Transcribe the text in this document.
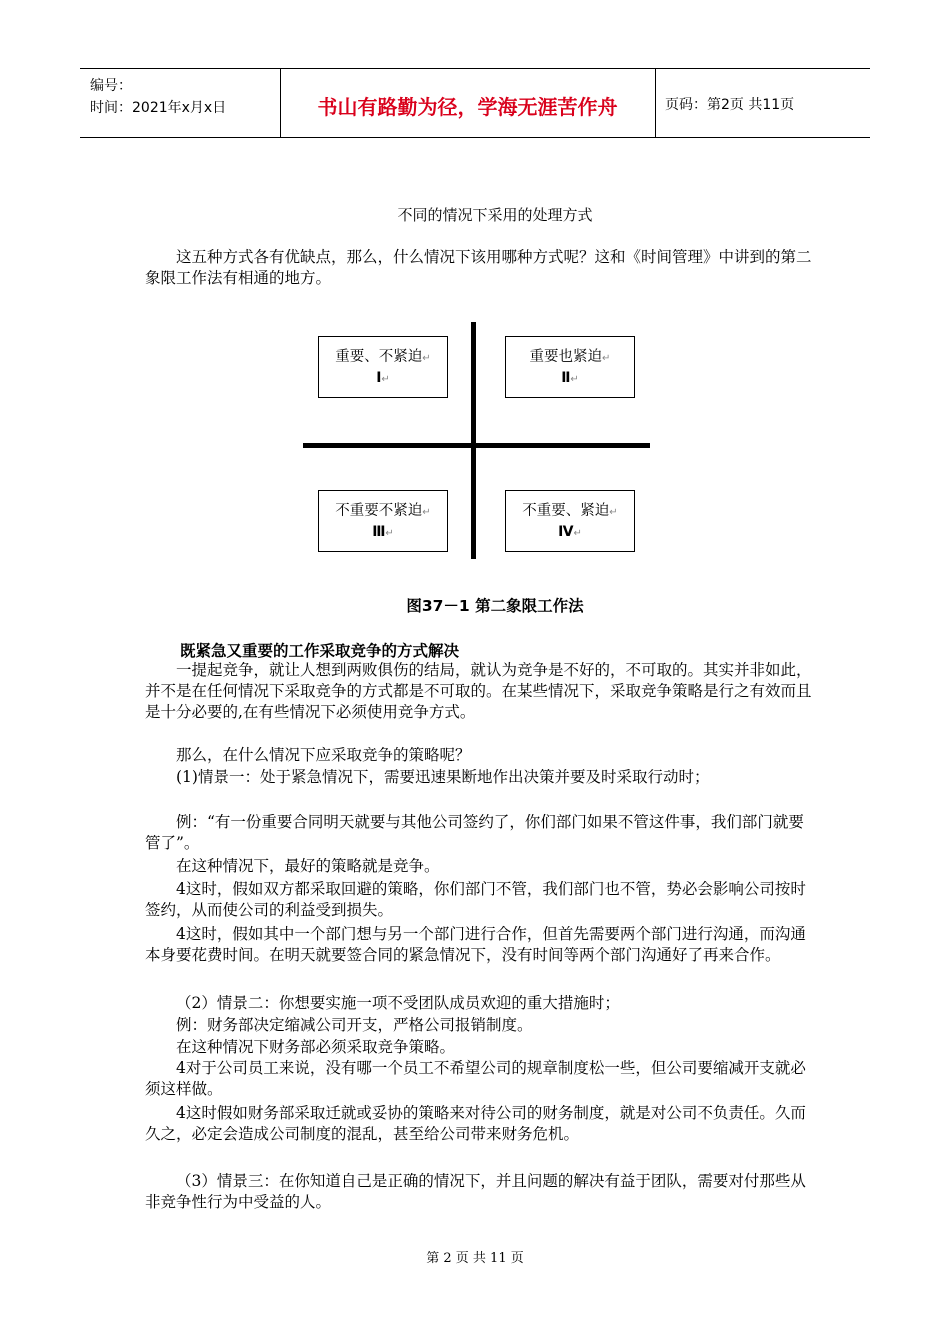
编号：
时间：2021年x月x日	书山有路勤为径，学海无涯苦作舟	页码：第2页 共11页
不同的情况下采用的处理方式
这五种方式各有优缺点，那么，什么情况下该用哪种方式呢？这和《时间管理》中讲到的第二象限工作法有相通的地方。
重要、不紧迫↵
Ⅰ↵
重要也紧迫↵
Ⅱ↵
不重要不紧迫↵
Ⅲ↵
不重要、紧迫↵
Ⅳ↵
图37－1 第二象限工作法
既紧急又重要的工作采取竞争的方式解决
一提起竞争，就让人想到两败俱伤的结局，就认为竞争是不好的，不可取的。其实并非如此，并不是在任何情况下采取竞争的方式都是不可取的。在某些情况下，采取竞争策略是行之有效而且是十分必要的,在有些情况下必须使用竞争方式。
那么，在什么情况下应采取竞争的策略呢？
(1)情景一：处于紧急情况下，需要迅速果断地作出决策并要及时采取行动时；
例：“有一份重要合同明天就要与其他公司签约了，你们部门如果不管这件事，我们部门就要管了”。
在这种情况下，最好的策略就是竞争。
4这时，假如双方都采取回避的策略，你们部门不管，我们部门也不管，势必会影响公司按时签约，从而使公司的利益受到损失。
4这时，假如其中一个部门想与另一个部门进行合作，但首先需要两个部门进行沟通，而沟通本身要花费时间。在明天就要签合同的紧急情况下，没有时间等两个部门沟通好了再来合作。
（2）情景二：你想要实施一项不受团队成员欢迎的重大措施时；
例：财务部决定缩减公司开支，严格公司报销制度。
在这种情况下财务部必须采取竞争策略。
4对于公司员工来说，没有哪一个员工不希望公司的规章制度松一些，但公司要缩减开支就必须这样做。
4这时假如财务部采取迁就或妥协的策略来对待公司的财务制度，就是对公司不负责任。久而久之，必定会造成公司制度的混乱，甚至给公司带来财务危机。
（3）情景三：在你知道自己是正确的情况下，并且问题的解决有益于团队，需要对付那些从非竞争性行为中受益的人。
第 2 页 共 11 页
